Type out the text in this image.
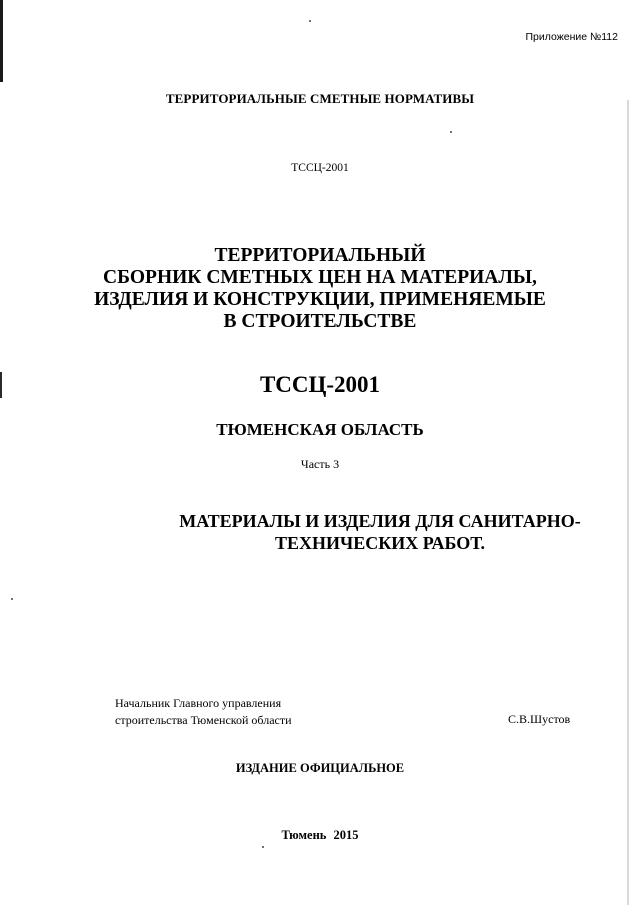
Приложение №112
ТЕРРИТОРИАЛЬНЫЕ СМЕТНЫЕ НОРМАТИВЫ
ТССЦ-2001
ТЕРРИТОРИАЛЬНЫЙ
СБОРНИК СМЕТНЫХ ЦЕН НА МАТЕРИАЛЫ,
ИЗДЕЛИЯ И КОНСТРУКЦИИ, ПРИМЕНЯЕМЫЕ
В СТРОИТЕЛЬСТВЕ
ТССЦ-2001
ТЮМЕНСКАЯ ОБЛАСТЬ
Часть 3
МАТЕРИАЛЫ И ИЗДЕЛИЯ ДЛЯ САНИТАРНО-
ТЕХНИЧЕСКИХ РАБОТ.
Начальник Главного управления
строительства Тюменской области	С.В.Шустов
ИЗДАНИЕ ОФИЦИАЛЬНОЕ
Тюмень 2015
